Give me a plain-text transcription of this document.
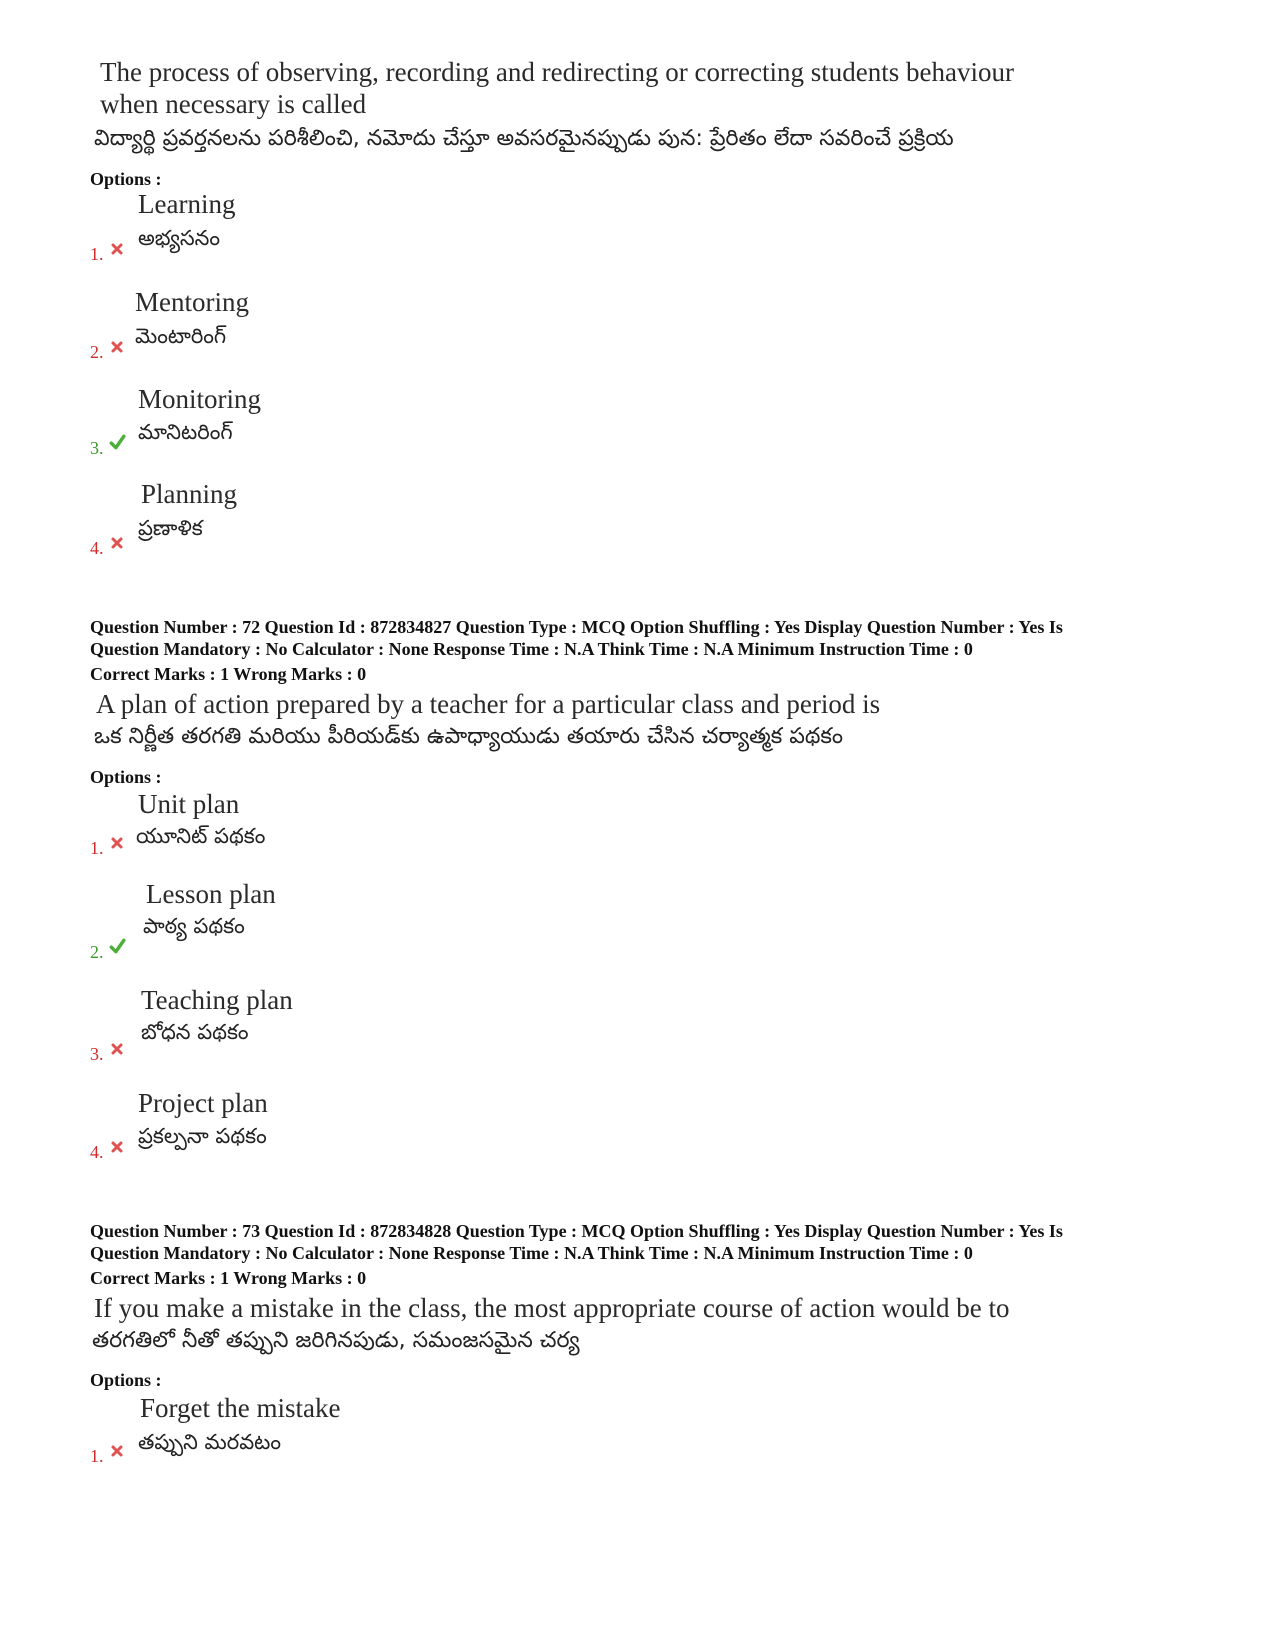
The process of observing, recording and redirecting or correcting students behaviour
when necessary is called
విద్యార్థి ప్రవర్తనలను పరిశీలించి, నమోదు చేస్తూ అవసరమైనప్పుడు పున: ప్రేరితం లేదా సవరించే ప్రక్రియ
Options :
Learning
అభ్యసనం
1.
Mentoring
మెంటారింగ్
2.
Monitoring
మానిటరింగ్
3.
Planning
ప్రణాళిక
4.
Question Number : 72 Question Id : 872834827 Question Type : MCQ Option Shuffling : Yes Display Question Number : Yes Is
Question Mandatory : No Calculator : None Response Time : N.A Think Time : N.A Minimum Instruction Time : 0
Correct Marks : 1 Wrong Marks : 0
A plan of action prepared by a teacher for a particular class and period is
ఒక నిర్ణీత తరగతి మరియు పీరియడ్‌కు ఉపాధ్యాయుడు తయారు చేసిన చర్యాత్మక పథకం
Options :
Unit plan
యూనిట్ పథకం
1.
Lesson plan
పాఠ్య పథకం
2.
Teaching plan
బోధన పథకం
3.
Project plan
ప్రకల్పనా పథకం
4.
Question Number : 73 Question Id : 872834828 Question Type : MCQ Option Shuffling : Yes Display Question Number : Yes Is
Question Mandatory : No Calculator : None Response Time : N.A Think Time : N.A Minimum Instruction Time : 0
Correct Marks : 1 Wrong Marks : 0
If you make a mistake in the class, the most appropriate course of action would be to
తరగతిలో నీతో తప్పుని జరిగినపుడు, సమంజసమైన చర్య
Options :
Forget the mistake
తప్పుని మరవటం
1.
